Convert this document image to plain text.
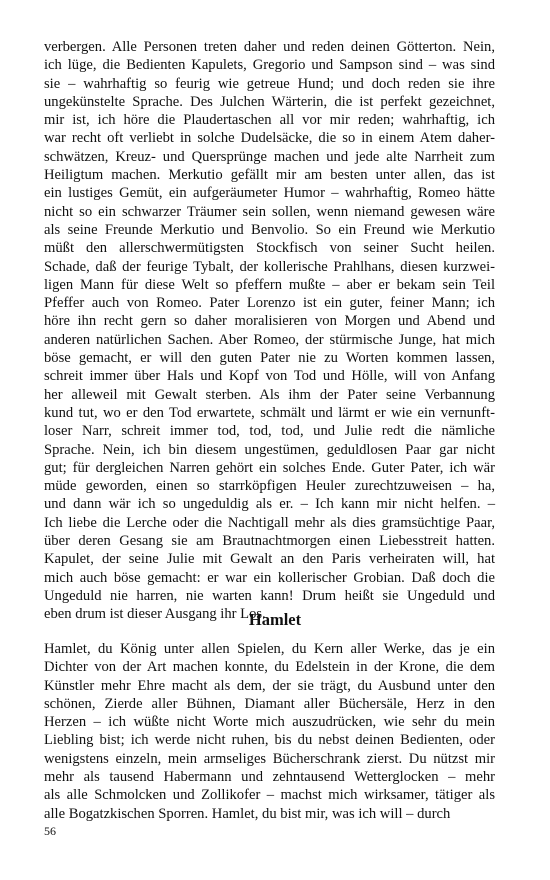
verbergen. Alle Personen treten daher und reden deinen Götterton. Nein,
ich lüge, die Bedienten Kapulets, Gregorio und Sampson sind – was sind
sie – wahrhaftig so feurig wie getreue Hund; und doch reden sie ihre
ungekünstelte Sprache. Des Julchen Wärterin, die ist perfekt gezeichnet,
mir ist, ich höre die Plaudertaschen all vor mir reden; wahrhaftig, ich
war recht oft verliebt in solche Dudelsäcke, die so in einem Atem daher-
schwätzen, Kreuz- und Quersprünge machen und jede alte Narrheit zum
Heiligtum machen. Merkutio gefällt mir am besten unter allen, das ist
ein lustiges Gemüt, ein aufgeräumeter Humor – wahrhaftig, Romeo hätte
nicht so ein schwarzer Träumer sein sollen, wenn niemand gewesen wäre
als seine Freunde Merkutio und Benvolio. So ein Freund wie Merkutio
müßt den allerschwermütigsten Stockfisch von seiner Sucht heilen.
Schade, daß der feurige Tybalt, der kollerische Prahlhans, diesen kurzwei-
ligen Mann für diese Welt so pfeffern mußte – aber er bekam sein Teil
Pfeffer auch von Romeo. Pater Lorenzo ist ein guter, feiner Mann; ich
höre ihn recht gern so daher moralisieren von Morgen und Abend und
anderen natürlichen Sachen. Aber Romeo, der stürmische Junge, hat mich
böse gemacht, er will den guten Pater nie zu Worten kommen lassen,
schreit immer über Hals und Kopf von Tod und Hölle, will von Anfang
her alleweil mit Gewalt sterben. Als ihm der Pater seine Verbannung
kund tut, wo er den Tod erwartete, schmält und lärmt er wie ein vernunft-
loser Narr, schreit immer tod, tod, tod, und Julie redt die nämliche
Sprache. Nein, ich bin diesem ungestümen, geduldlosen Paar gar nicht
gut; für dergleichen Narren gehört ein solches Ende. Guter Pater, ich wär
müde geworden, einen so starrköpfigen Heuler zurechtzuweisen – ha,
und dann wär ich so ungeduldig als er. – Ich kann mir nicht helfen. –
Ich liebe die Lerche oder die Nachtigall mehr als dies gramsüchtige Paar,
über deren Gesang sie am Brautnachtmorgen einen Liebesstreit hatten.
Kapulet, der seine Julie mit Gewalt an den Paris verheiraten will, hat
mich auch böse gemacht: er war ein kollerischer Grobian. Daß doch die
Ungeduld nie harren, nie warten kann! Drum heißt sie Ungeduld und
eben drum ist dieser Ausgang ihr Los.
Hamlet
Hamlet, du König unter allen Spielen, du Kern aller Werke, das je ein
Dichter von der Art machen konnte, du Edelstein in der Krone, die dem
Künstler mehr Ehre macht als dem, der sie trägt, du Ausbund unter den
schönen, Zierde aller Bühnen, Diamant aller Büchersäle, Herz in den
Herzen – ich wüßte nicht Worte mich auszudrücken, wie sehr du mein
Liebling bist; ich werde nicht ruhen, bis du nebst deinen Bedienten, oder
wenigstens einzeln, mein armseliges Bücherschrank zierst. Du nützst mir
mehr als tausend Habermann und zehntausend Wetterglocken – mehr
als alle Schmolcken und Zollikofer – machst mich wirksamer, tätiger als
alle Bogatzkischen Sporren. Hamlet, du bist mir, was ich will – durch
56
